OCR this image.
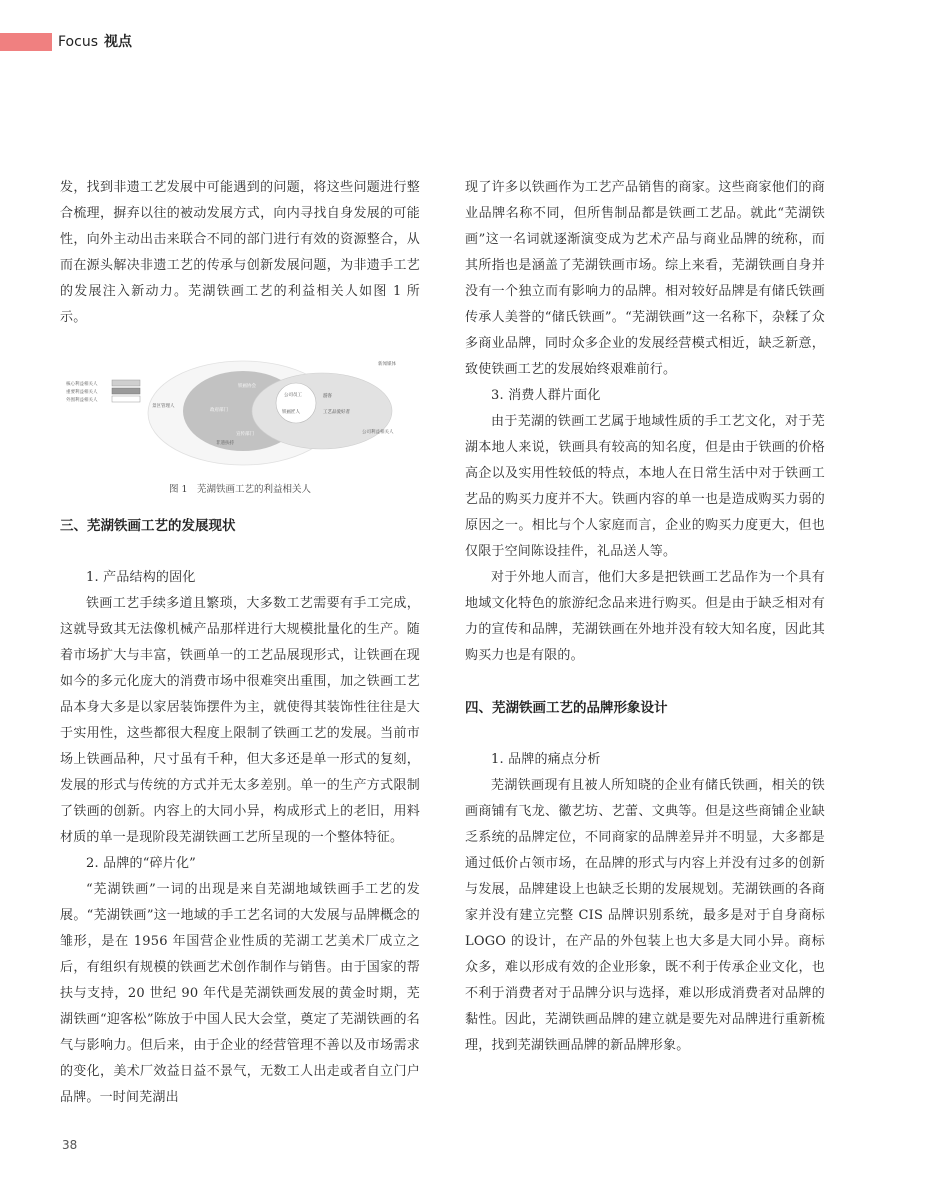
Focus 视点

发，找到非遗工艺发展中可能遇到的问题，将这些问题进行整合梳理，摒弃以往的被动发展方式，向内寻找自身发展的可能性，向外主动出击来联合不同的部门进行有效的资源整合，从而在源头解决非遗工艺的传承与创新发展问题，为非遗手工艺的发展注入新动力。芜湖铁画工艺的利益相关人如图 1 所示。

核心利益相关人
重要利益相关人
外围利益相关人
景区管理人
非遗扶持
铁画协会
政府部门
宣传部门
公司员工
铁画匠人
游客
工艺品爱好者
新闻媒体
公司利益相关人
图 1　芜湖铁画工艺的利益相关人
三、芜湖铁画工艺的发展现状

1. 产品结构的固化

铁画工艺手续多道且繁琐，大多数工艺需要有手工完成，这就导致其无法像机械产品那样进行大规模批量化的生产。随着市场扩大与丰富，铁画单一的工艺品展现形式，让铁画在现如今的多元化庞大的消费市场中很难突出重围，加之铁画工艺品本身大多是以家居装饰摆件为主，就使得其装饰性往往是大于实用性，这些都很大程度上限制了铁画工艺的发展。当前市场上铁画品种，尺寸虽有千种，但大多还是单一形式的复刻，发展的形式与传统的方式并无太多差别。单一的生产方式限制了铁画的创新。内容上的大同小异，构成形式上的老旧，用料材质的单一是现阶段芜湖铁画工艺所呈现的一个整体特征。

2. 品牌的“碎片化”

“芜湖铁画”一词的出现是来自芜湖地域铁画手工艺的发展。“芜湖铁画”这一地域的手工艺名词的大发展与品牌概念的雏形，是在 1956 年国营企业性质的芜湖工艺美术厂成立之后，有组织有规模的铁画艺术创作制作与销售。由于国家的帮扶与支持，20 世纪 90 年代是芜湖铁画发展的黄金时期，芜湖铁画“迎客松”陈放于中国人民大会堂，奠定了芜湖铁画的名气与影响力。但后来，由于企业的经营管理不善以及市场需求的变化，美术厂效益日益不景气，无数工人出走或者自立门户品牌。一时间芜湖出

现了许多以铁画作为工艺产品销售的商家。这些商家他们的商业品牌名称不同，但所售制品都是铁画工艺品。就此“芜湖铁画”这一名词就逐渐演变成为艺术产品与商业品牌的统称，而其所指也是涵盖了芜湖铁画市场。综上来看，芜湖铁画自身并没有一个独立而有影响力的品牌。相对较好品牌是有储氏铁画传承人美誉的“储氏铁画”。“芜湖铁画”这一名称下，杂糅了众多商业品牌，同时众多企业的发展经营模式相近，缺乏新意，致使铁画工艺的发展始终艰难前行。

3. 消费人群片面化

由于芜湖的铁画工艺属于地域性质的手工艺文化，对于芜湖本地人来说，铁画具有较高的知名度，但是由于铁画的价格高企以及实用性较低的特点，本地人在日常生活中对于铁画工艺品的购买力度并不大。铁画内容的单一也是造成购买力弱的原因之一。相比与个人家庭而言，企业的购买力度更大，但也仅限于空间陈设挂件，礼品送人等。

对于外地人而言，他们大多是把铁画工艺品作为一个具有地域文化特色的旅游纪念品来进行购买。但是由于缺乏相对有力的宣传和品牌，芜湖铁画在外地并没有较大知名度，因此其购买力也是有限的。

四、芜湖铁画工艺的品牌形象设计

1. 品牌的痛点分析

芜湖铁画现有且被人所知晓的企业有储氏铁画，相关的铁画商铺有飞龙、徽艺坊、艺蕾、文典等。但是这些商铺企业缺乏系统的品牌定位，不同商家的品牌差异并不明显，大多都是通过低价占领市场，在品牌的形式与内容上并没有过多的创新与发展，品牌建设上也缺乏长期的发展规划。芜湖铁画的各商家并没有建立完整 CIS 品牌识别系统，最多是对于自身商标 LOGO 的设计，在产品的外包装上也大多是大同小异。商标众多，难以形成有效的企业形象，既不利于传承企业文化，也不利于消费者对于品牌分识与选择，难以形成消费者对品牌的黏性。因此，芜湖铁画品牌的建立就是要先对品牌进行重新梳理，找到芜湖铁画品牌的新品牌形象。

38
